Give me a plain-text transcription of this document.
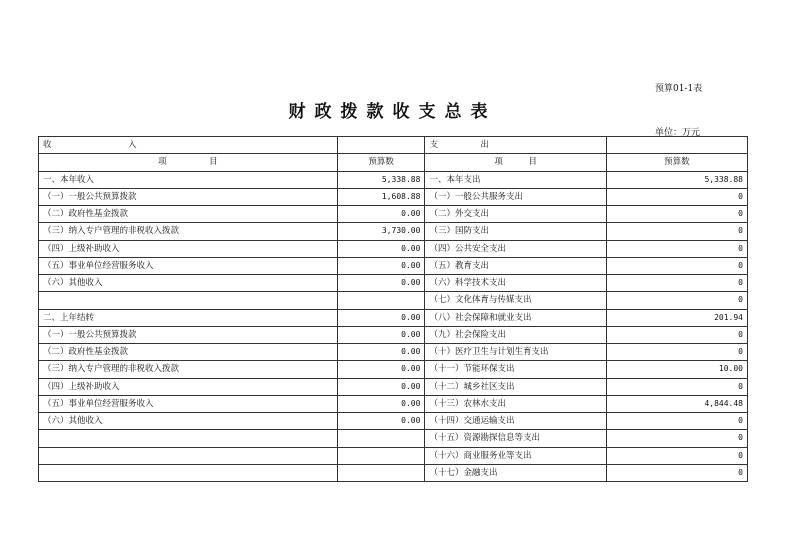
预算01-1表
财政拨款收支总表
单位：万元
收　　　　　　　　　入		支　　　　　出	
项　　　　　目	预算数	项　　　目	预算数
一、本年收入	5,338.88	一、本年支出	5,338.88
（一）一般公共预算拨款	1,608.88	（一）一般公共服务支出	0
（二）政府性基金拨款	0.00	（二）外交支出	0
（三）纳入专户管理的非税收入拨款	3,730.00	（三）国防支出	0
（四）上级补助收入	0.00	（四）公共安全支出	0
（五）事业单位经营服务收入	0.00	（五）教育支出	0
（六）其他收入	0.00	（六）科学技术支出	0
		（七）文化体育与传媒支出	0
二、上年结转	0.00	（八）社会保障和就业支出	201.94
（一）一般公共预算拨款	0.00	（九）社会保险支出	0
（二）政府性基金拨款	0.00	（十）医疗卫生与计划生育支出	0
（三）纳入专户管理的非税收入拨款	0.00	（十一）节能环保支出	10.00
（四）上级补助收入	0.00	（十二）城乡社区支出	0
（五）事业单位经营服务收入	0.00	（十三）农林水支出	4,844.48
（六）其他收入	0.00	（十四）交通运输支出	0
		（十五）资源勘探信息等支出	0
		（十六）商业服务业等支出	0
		（十七）金融支出	0
